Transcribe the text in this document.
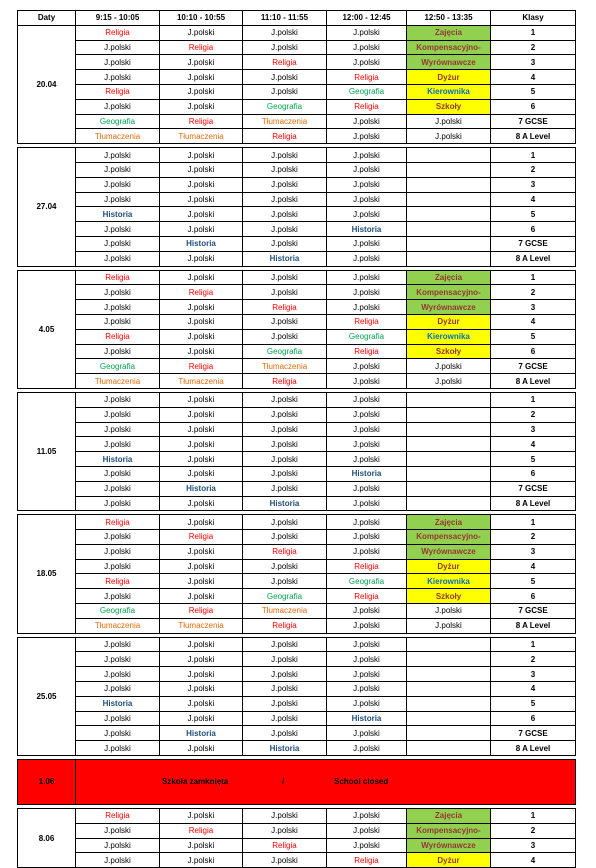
Daty	9:15 - 10:05	10:10 - 10:55	11:10 - 11:55	12:00 - 12:45	12:50 - 13:35	Klasy
20.04	Religia	J.polski	J.polski	J.polski	Zajęcia	1
	J.polski	Religia	J.polski	J.polski	Kompensacyjno-	2
	J.polski	J.polski	Religia	J.polski	Wyrównawcze	3
	J.polski	J.polski	J.polski	Religia	Dyżur	4
	Religia	J.polski	J.polski	Geografia	Kierownika	5
	J.polski	J.polski	Geografia	Religia	Szkoły	6
	Geografia	Religia	Tłumaczenia	J.polski	J.polski	7 GCSE
	Tłumaczenia	Tłumaczenia	Religia	J.polski	J.polski	8 A Level

27.04	J.polski	J.polski	J.polski	J.polski		1
	J.polski	J.polski	J.polski	J.polski		2
	J.polski	J.polski	J.polski	J.polski		3
	J.polski	J.polski	J.polski	J.polski		4
	Historia	J.polski	J.polski	J.polski		5
	J.polski	J.polski	J.polski	Historia		6
	J.polski	Historia	J.polski	J.polski		7 GCSE
	J.polski	J.polski	Historia	J.polski		8 A Level

4.05	Religia	J.polski	J.polski	J.polski	Zajęcia	1
	J.polski	Religia	J.polski	J.polski	Kompensacyjno-	2
	J.polski	J.polski	Religia	J.polski	Wyrównawcze	3
	J.polski	J.polski	J.polski	Religia	Dyżur	4
	Religia	J.polski	J.polski	Geografia	Kierownika	5
	J.polski	J.polski	Geografia	Religia	Szkoły	6
	Geografia	Religia	Tłumaczenia	J.polski	J.polski	7 GCSE
	Tłumaczenia	Tłumaczenia	Religia	J.polski	J.polski	8 A Level

11.05	J.polski	J.polski	J.polski	J.polski		1
	J.polski	J.polski	J.polski	J.polski		2
	J.polski	J.polski	J.polski	J.polski		3
	J.polski	J.polski	J.polski	J.polski		4
	Historia	J.polski	J.polski	J.polski		5
	J.polski	J.polski	J.polski	Historia		6
	J.polski	Historia	J.polski	J.polski		7 GCSE
	J.polski	J.polski	Historia	J.polski		8 A Level

18.05	Religia	J.polski	J.polski	J.polski	Zajęcia	1
	J.polski	Religia	J.polski	J.polski	Kompensacyjno-	2
	J.polski	J.polski	Religia	J.polski	Wyrównawcze	3
	J.polski	J.polski	J.polski	Religia	Dyżur	4
	Religia	J.polski	J.polski	Geografia	Kierownika	5
	J.polski	J.polski	Geografia	Religia	Szkoły	6
	Geografia	Religia	Tłumaczenia	J.polski	J.polski	7 GCSE
	Tłumaczenia	Tłumaczenia	Religia	J.polski	J.polski	8 A Level

25.05	J.polski	J.polski	J.polski	J.polski		1
	J.polski	J.polski	J.polski	J.polski		2
	J.polski	J.polski	J.polski	J.polski		3
	J.polski	J.polski	J.polski	J.polski		4
	Historia	J.polski	J.polski	J.polski		5
	J.polski	J.polski	J.polski	Historia		6
	J.polski	Historia	J.polski	J.polski		7 GCSE
	J.polski	J.polski	Historia	J.polski		8 A Level

1.06	Szkoła zamknięta / School closed					

8.06	Religia	J.polski	J.polski	J.polski	Zajęcia	1
	J.polski	Religia	J.polski	J.polski	Kompensacyjno-	2
	J.polski	J.polski	Religia	J.polski	Wyrównawcze	3
	J.polski	J.polski	J.polski	Religia	Dyżur	4
